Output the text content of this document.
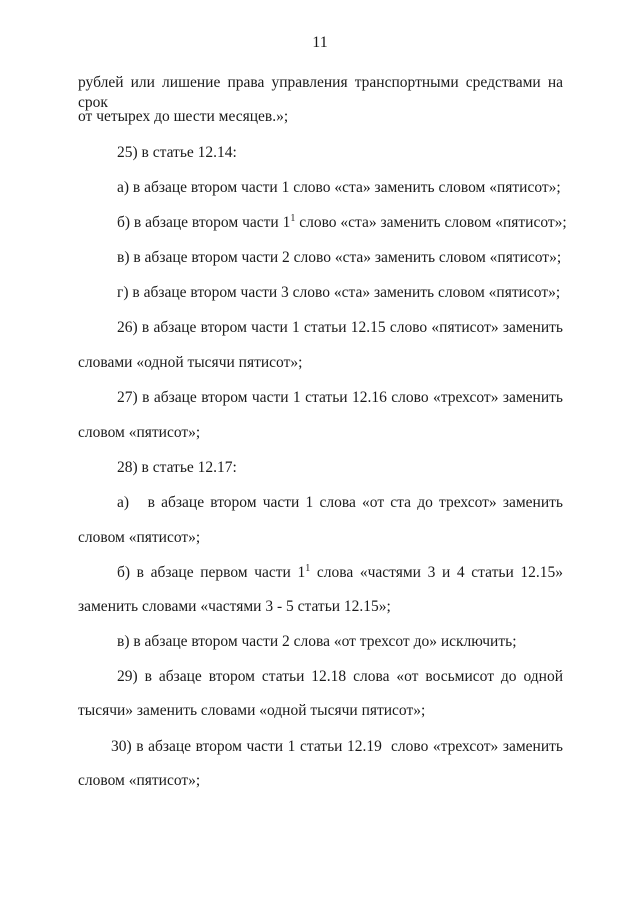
11
рублей или лишение права управления транспортными средствами на срок
от четырех до шести месяцев.»;
25) в статье 12.14:
а) в абзаце втором части 1 слово «ста» заменить словом «пятисот»;
б) в абзаце втором части $1^1$ слово «ста» заменить словом «пятисот»;
в) в абзаце втором части 2 слово «ста» заменить словом «пятисот»;
г) в абзаце втором части 3 слово «ста» заменить словом «пятисот»;
26) в абзаце втором части 1 статьи 12.15 слово «пятисот» заменить
словами «одной тысячи пятисот»;
27) в абзаце втором части 1 статьи 12.16 слово «трехсот» заменить
словом «пятисот»;
28) в статье 12.17:
а)   в абзаце втором части 1 слова «от ста до трехсот» заменить
словом «пятисот»;
б) в абзаце первом части $1^1$ слова «частями 3 и 4 статьи 12.15»
заменить словами «частями 3 - 5 статьи 12.15»;
в) в абзаце втором части 2 слова «от трехсот до» исключить;
29) в абзаце втором статьи 12.18 слова «от восьмисот до одной
тысячи» заменить словами «одной тысячи пятисот»;
30) в абзаце втором части 1 статьи 12.19  слово «трехсот» заменить
словом «пятисот»;
